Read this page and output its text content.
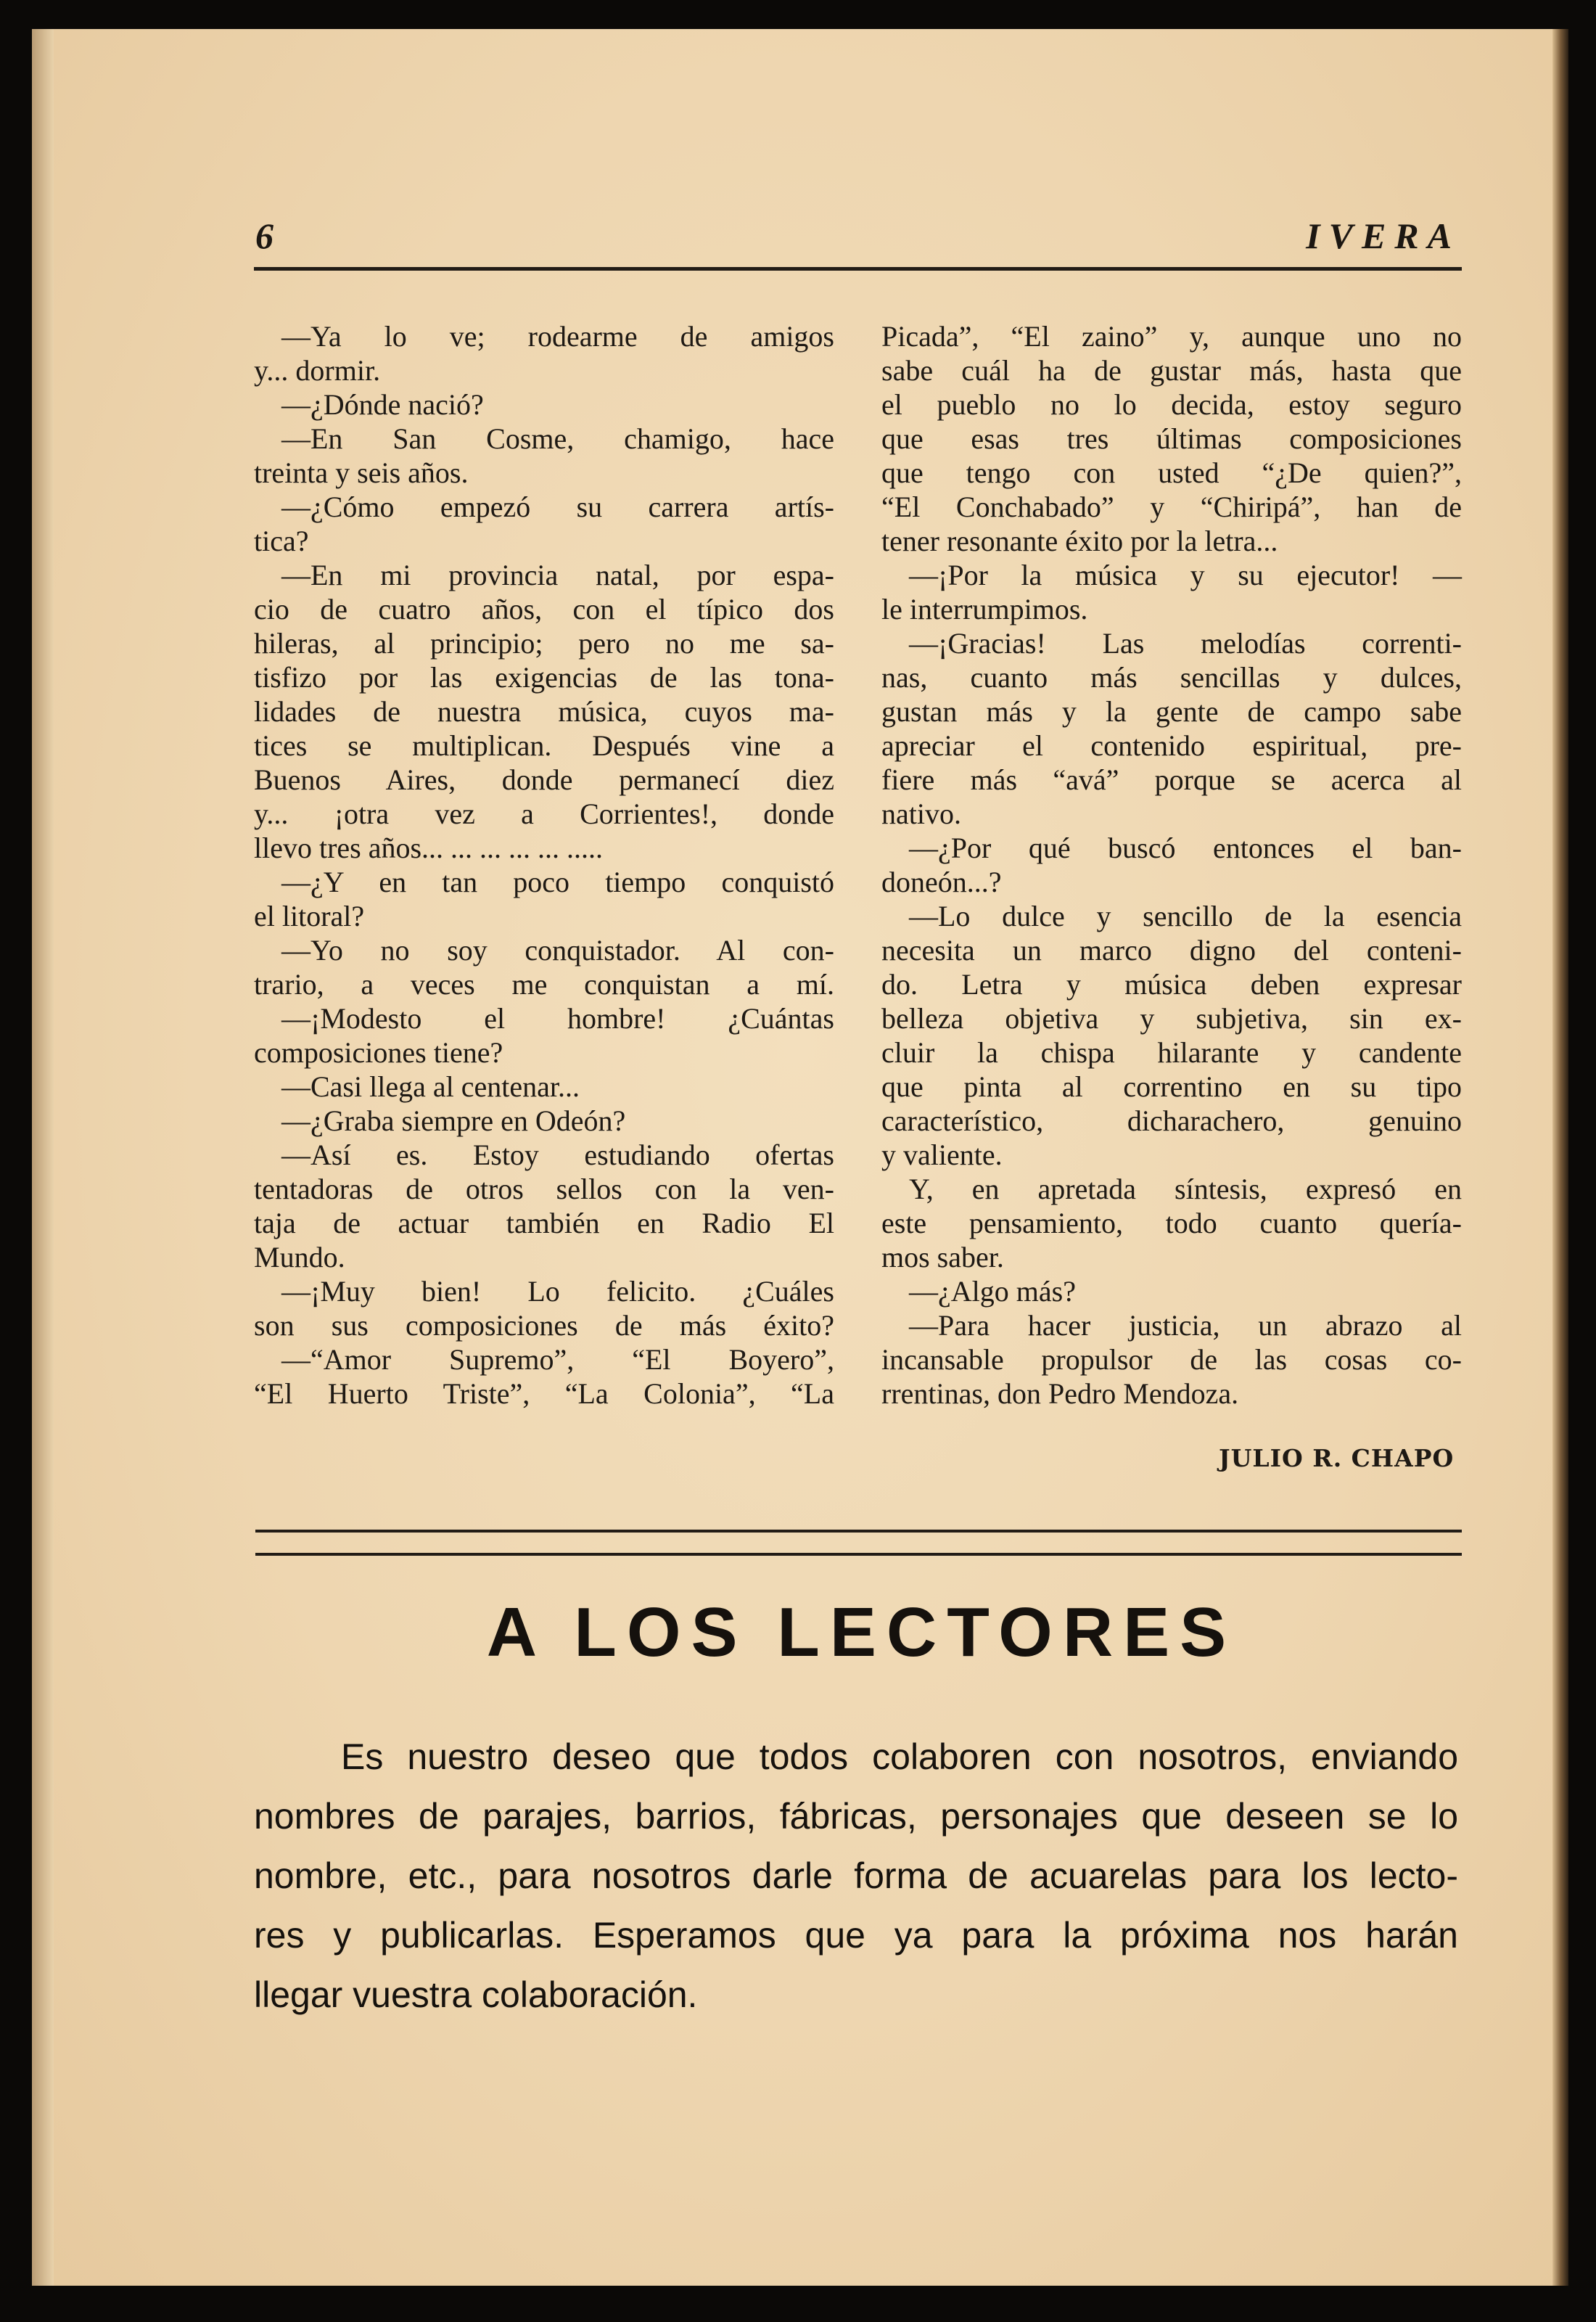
6	IVERA
—Ya lo ve; rodearme de amigos
y... dormir.
—¿Dónde nació?
—En San Cosme, chamigo, hace
treinta y seis años.
—¿Cómo empezó su carrera artís-
tica?
—En mi provincia natal, por espa-
cio de cuatro años, con el típico dos
hileras, al principio; pero no me sa-
tisfizo por las exigencias de las tona-
lidades de nuestra música, cuyos ma-
tices se multiplican. Después vine a
Buenos Aires, donde permanecí diez
y... ¡otra vez a Corrientes!, donde
llevo tres años... ... ... ... ... .....
—¿Y en tan poco tiempo conquistó
el litoral?
—Yo no soy conquistador. Al con-
trario, a veces me conquistan a mí.
—¡Modesto el hombre! ¿Cuántas
composiciones tiene?
—Casi llega al centenar...
—¿Graba siempre en Odeón?
—Así es. Estoy estudiando ofertas
tentadoras de otros sellos con la ven-
taja de actuar también en Radio El
Mundo.
—¡Muy bien! Lo felicito. ¿Cuáles
son sus composiciones de más éxito?
—“Amor Supremo”, “El Boyero”,
“El Huerto Triste”, “La Colonia”, “La
Picada”, “El zaino” y, aunque uno no
sabe cuál ha de gustar más, hasta que
el pueblo no lo decida, estoy seguro
que esas tres últimas composiciones
que tengo con usted “¿De quien?”,
“El Conchabado” y “Chiripá”, han de
tener resonante éxito por la letra...
—¡Por la música y su ejecutor! —
le interrumpimos.
—¡Gracias! Las melodías correnti-
nas, cuanto más sencillas y dulces,
gustan más y la gente de campo sabe
apreciar el contenido espiritual, pre-
fiere más “avá” porque se acerca al
nativo.
—¿Por qué buscó entonces el ban-
doneón...?
—Lo dulce y sencillo de la esencia
necesita un marco digno del conteni-
do. Letra y música deben expresar
belleza objetiva y subjetiva, sin ex-
cluir la chispa hilarante y candente
que pinta al correntino en su tipo
característico, dicharachero, genuino
y valiente.
Y, en apretada síntesis, expresó en
este pensamiento, todo cuanto quería-
mos saber.
—¿Algo más?
—Para hacer justicia, un abrazo al
incansable propulsor de las cosas co-
rrentinas, don Pedro Mendoza.
JULIO R. CHAPO
A LOS LECTORES
Es nuestro deseo que todos colaboren con nosotros, enviando
nombres de parajes, barrios, fábricas, personajes que deseen se lo
nombre, etc., para nosotros darle forma de acuarelas para los lecto-
res y publicarlas. Esperamos que ya para la próxima nos harán
llegar vuestra colaboración.
